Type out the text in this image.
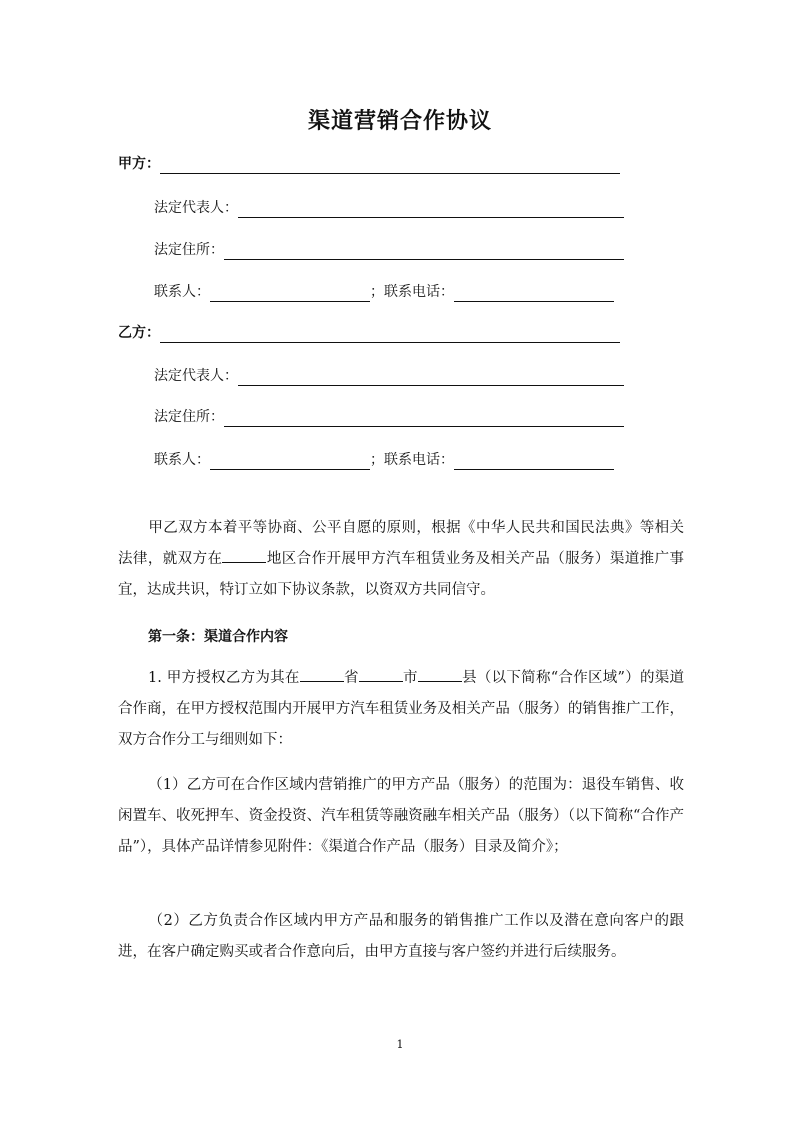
渠道营销合作协议
甲方：
法定代表人：
法定住所：
联系人：	；联系电话：
乙方：
法定代表人：
法定住所：
联系人：	；联系电话：
甲乙双方本着平等协商、公平自愿的原则，根据《中华人民共和国民法典》等相关法律，就双方在	地区合作开展甲方汽车租赁业务及相关产品（服务）渠道推广事宜，达成共识，特订立如下协议条款，以资双方共同信守。
第一条：渠道合作内容
1. 甲方授权乙方为其在	省	市	县（以下简称“合作区域”）的渠道合作商，在甲方授权范围内开展甲方汽车租赁业务及相关产品（服务）的销售推广工作，双方合作分工与细则如下：
（1）乙方可在合作区域内营销推广的甲方产品（服务）的范围为：退役车销售、收闲置车、收死押车、资金投资、汽车租赁等融资融车相关产品（服务）（以下简称“合作产品”），具体产品详情参见附件：《渠道合作产品（服务）目录及简介》；
（2）乙方负责合作区域内甲方产品和服务的销售推广工作以及潜在意向客户的跟进，在客户确定购买或者合作意向后，由甲方直接与客户签约并进行后续服务。
1
